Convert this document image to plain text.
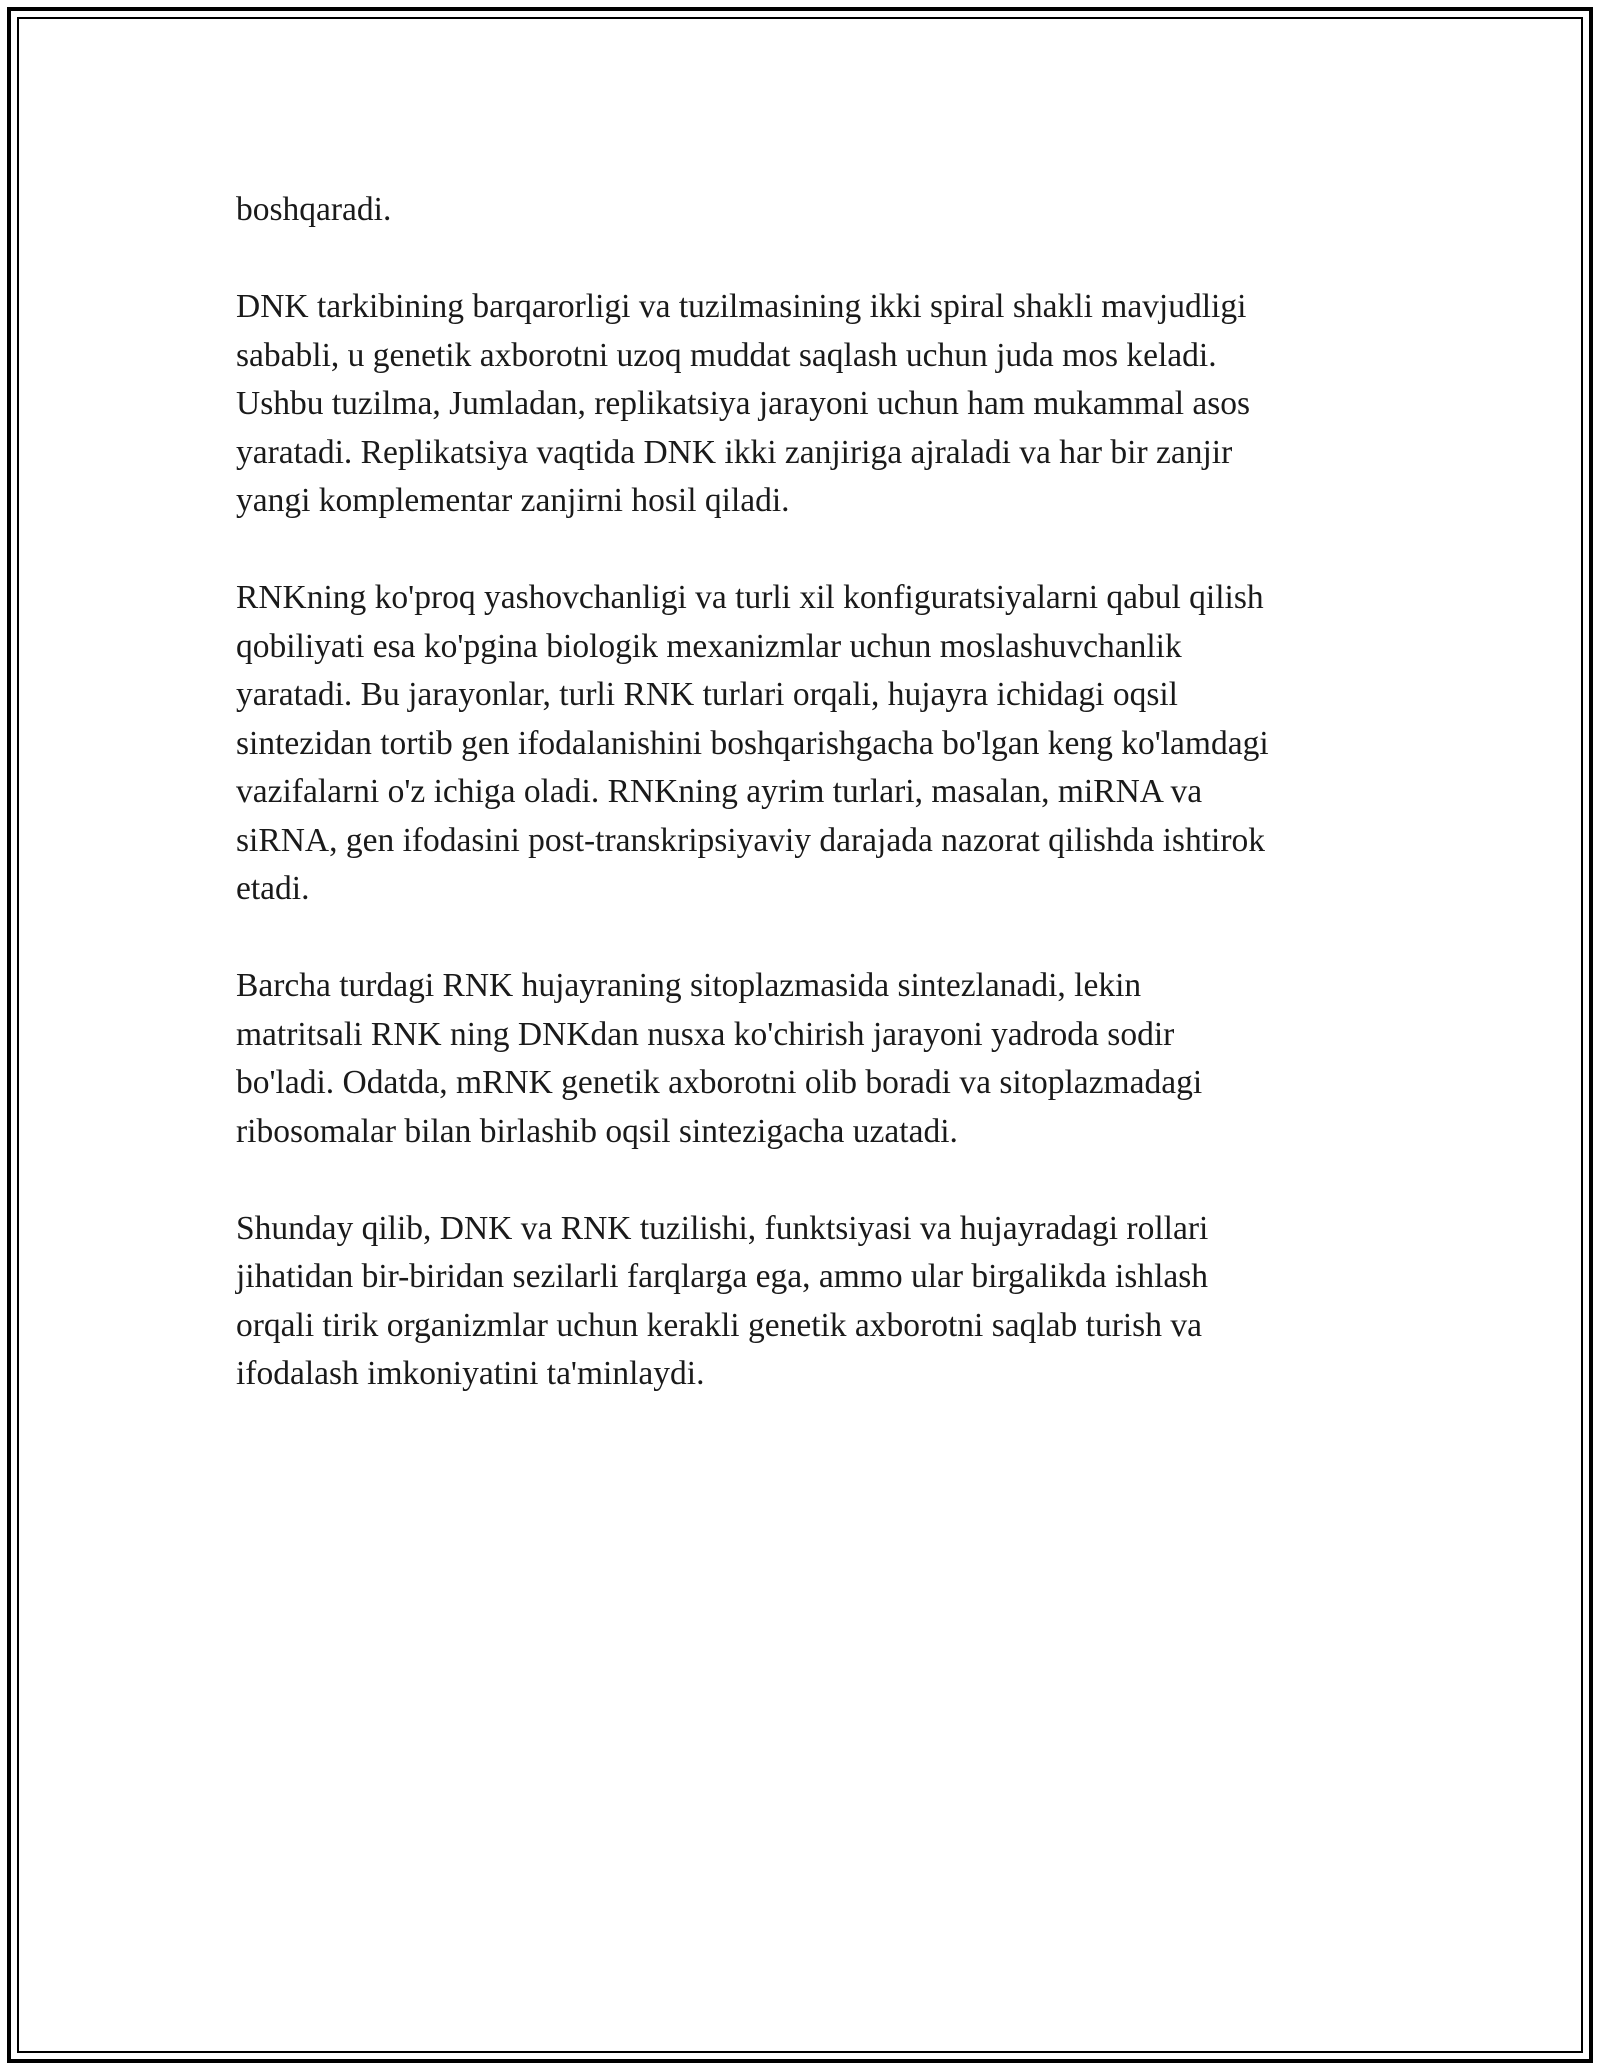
boshqaradi.

DNK tarkibining barqarorligi va tuzilmasining ikki spiral shakli mavjudligi
sababli, u genetik axborotni uzoq muddat saqlash uchun juda mos keladi.
Ushbu tuzilma, Jumladan, replikatsiya jarayoni uchun ham mukammal asos
yaratadi. Replikatsiya vaqtida DNK ikki zanjiriga ajraladi va har bir zanjir
yangi komplementar zanjirni hosil qiladi.

RNKning ko'proq yashovchanligi va turli xil konfiguratsiyalarni qabul qilish
qobiliyati esa ko'pgina biologik mexanizmlar uchun moslashuvchanlik
yaratadi. Bu jarayonlar, turli RNK turlari orqali, hujayra ichidagi oqsil
sintezidan tortib gen ifodalanishini boshqarishgacha bo'lgan keng ko'lamdagi
vazifalarni o'z ichiga oladi. RNKning ayrim turlari, masalan, miRNA va
siRNA, gen ifodasini post-transkripsiyaviy darajada nazorat qilishda ishtirok
etadi.

Barcha turdagi RNK hujayraning sitoplazmasida sintezlanadi, lekin
matritsali RNK ning DNKdan nusxa ko'chirish jarayoni yadroda sodir
bo'ladi. Odatda, mRNK genetik axborotni olib boradi va sitoplazmadagi
ribosomalar bilan birlashib oqsil sintezigacha uzatadi.

Shunday qilib, DNK va RNK tuzilishi, funktsiyasi va hujayradagi rollari
jihatidan bir-biridan sezilarli farqlarga ega, ammo ular birgalikda ishlash
orqali tirik organizmlar uchun kerakli genetik axborotni saqlab turish va
ifodalash imkoniyatini ta'minlaydi.
